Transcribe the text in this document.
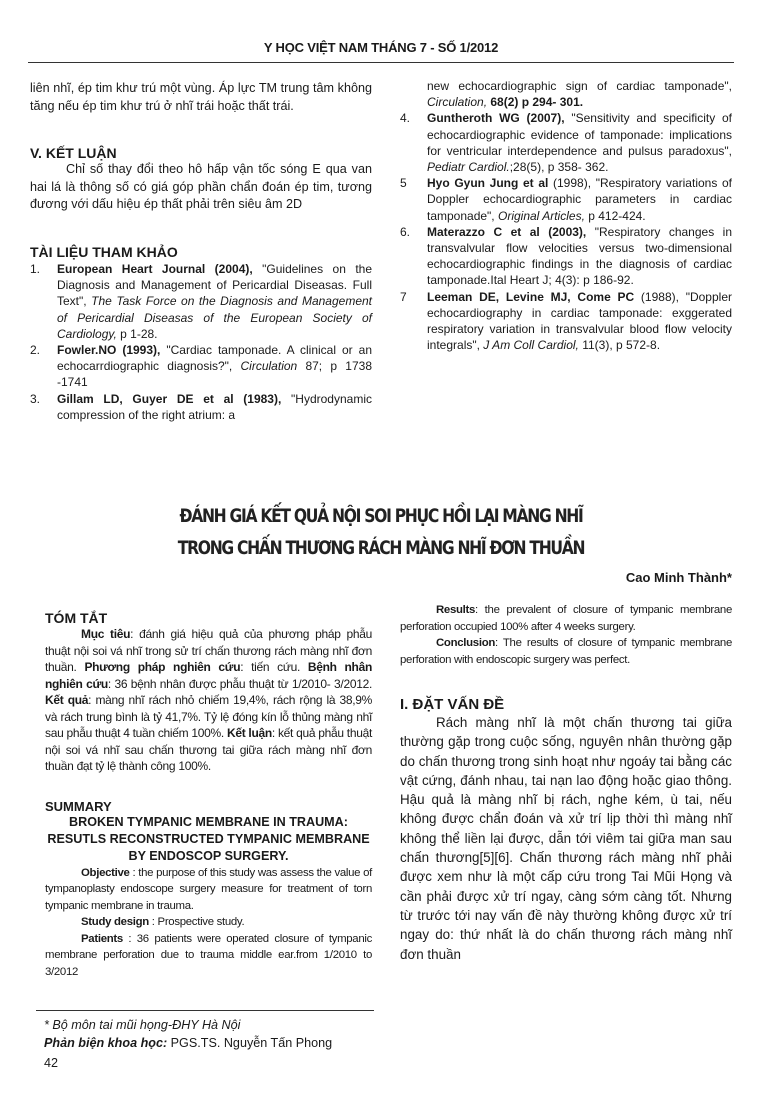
Y HỌC VIỆT NAM THÁNG 7 - SỐ 1/2012

liên nhĩ, ép tim khư trú một vùng. Áp lực TM trung tâm không tăng nếu ép tim khư trú ở nhĩ trái hoặc thất trái.

V. KẾT LUẬN

Chỉ số thay đổi theo hô hấp vận tốc sóng E qua van hai lá là thông số có giá góp phần chẩn đoán ép tim, tương đương với dấu hiệu ép thất phải trên siêu âm 2D

TÀI LIỆU THAM KHẢO

1.	European Heart Journal (2004), "Guidelines on the Diagnosis and Management of Pericardial Diseasas. Full Text", The Task Force on the Diagnosis and Management of Pericardial Diseasas of the European Society of Cardiology, p 1-28.
2.	Fowler.NO (1993), "Cardiac tamponade. A clinical or an echocarrdiographic diagnosis?", Circulation 87; p 1738 -1741
3.	Gillam LD, Guyer DE et al (1983), "Hydrodynamic compression of the right atrium: a
new echocardiographic sign of cardiac tamponade", Circulation, 68(2) p 294- 301.
4.	Guntheroth WG (2007), "Sensitivity and specificity of echocardiographic evidence of tamponade: implications for ventricular interdependence and pulsus paradoxus", Pediatr Cardiol.;28(5), p 358- 362.
5	Hyo Gyun Jung et al (1998), "Respiratory variations of Doppler echocardiographic parameters in cardiac tamponade", Original Articles, p 412-424.
6.	Materazzo C et al (2003), "Respiratory changes in transvalvular flow velocities versus two-dimensional echocardiographic findings in the diagnosis of cardiac tamponade.Ital Heart J; 4(3): p 186-92.
7	Leeman DE, Levine MJ, Come PC (1988), "Doppler echocardiography in cardiac tamponade: exggerated respiratory variation in transvalvular blood flow velocity integrals", J Am Coll Cardiol, 11(3), p 572-8.
ĐÁNH GIÁ KẾT QUẢ NỘI SOI PHỤC HỒI LẠI MÀNG NHĨ
TRONG CHẤN THƯƠNG RÁCH MÀNG NHĨ ĐƠN THUẦN
Cao Minh Thành*

TÓM TẮT

Mục tiêu: đánh giá hiệu quả của phương pháp phẫu thuật nội soi vá nhĩ trong sử trí chấn thương rách màng nhĩ đơn thuần. Phương pháp nghiên cứu: tiến cứu. Bệnh nhân nghiên cứu: 36 bệnh nhân được phẫu thuật từ 1/2010- 3/2012. Kết quả: màng nhĩ rách nhỏ chiếm 19,4%, rách rộng là 38,9% và rách trung bình là tỷ 41,7%. Tỷ lệ đóng kín lỗ thủng màng nhĩ sau phẫu thuật 4 tuần chiếm 100%. Kết luận: kết quả phẫu thuật nội soi vá nhĩ sau chấn thương tai giữa rách màng nhĩ đơn thuần đạt tỷ lệ thành công 100%.

SUMMARY

BROKEN TYMPANIC MEMBRANE IN TRAUMA: RESUTLS RECONSTRUCTED TYMPANIC MEMBRANE BY ENDOSCOP SURGERY.

Objective : the purpose of this study was assess the value of tympanoplasty endoscope surgery measure for treatment of torn tympanic membrane in trauma.

Study design : Prospective study.

Patients : 36 patients were operated closure of tympanic membrane perforation due to trauma middle ear.from 1/2010 to 3/2012

* Bộ môn tai mũi họng-ĐHY Hà Nội
Phản biện khoa học: PGS.TS. Nguyễn Tấn Phong
42

Results: the prevalent of closure of tympanic membrane perforation occupied 100% after 4 weeks surgery.

Conclusion: The results of closure of tympanic membrane perforation with endoscopic surgery was perfect.

I. ĐẶT VẤN ĐỀ

Rách màng nhĩ là một chấn thương tai giữa thường gặp trong cuộc sống, nguyên nhân thường gặp do chấn thương trong sinh hoạt như ngoáy tai bằng các vật cứng, đánh nhau, tai nạn lao động hoặc giao thông. Hậu quả là màng nhĩ bị rách, nghe kém, ù tai, nếu không được chẩn đoán và xử trí lịp thời thì màng nhĩ không thể liền lại được, dẫn tới viêm tai giữa man sau chấn thương[5][6]. Chấn thương rách màng nhĩ phải được xem như là một cấp cứu trong Tai Mũi Họng và cần phải được xử trí ngay, càng sớm càng tốt. Nhưng từ trước tới nay vấn đề này thường không được xử trí ngay do: thứ nhất là do chấn thương rách màng nhĩ đơn thuần
